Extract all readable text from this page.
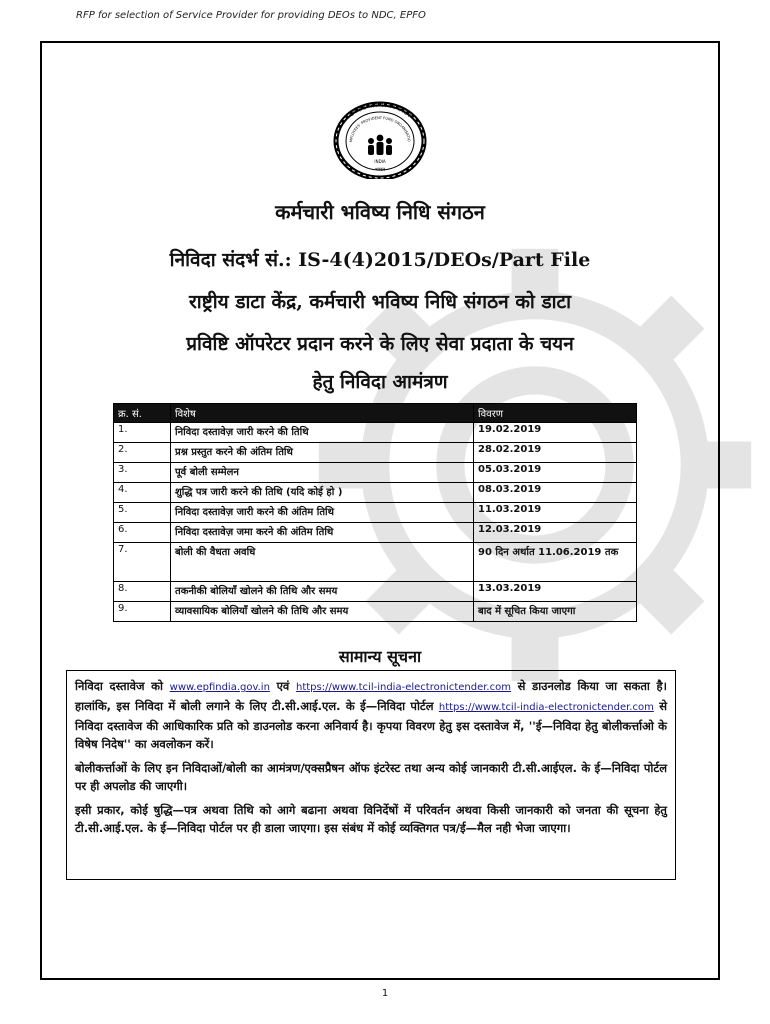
RFP for selection of Service Provider for providing DEOs to NDC, EPFO
कर्मचारी भविष्य निधि संगठन
MPLOYEES' PROVIDENT FUND ORGANISATIO
INDIA
भारत
कर्मचारी भविष्य निधि संगठन
निविदा संदर्भ सं.: IS-4(4)2015/DEOs/Part File
राष्ट्रीय डाटा केंद्र, कर्मचारी भविष्य निधि संगठन को डाटा
प्रविष्टि ऑपरेटर प्रदान करने के लिए सेवा प्रदाता के चयन
हेतु निविदा आमंत्रण
क्र. सं.	विशेष	विवरण
1.	निविदा दस्तावेज़ जारी करने की तिथि	19.02.2019
2.	प्रश्न प्रस्तुत करने की अंतिम तिथि	28.02.2019
3.	पूर्व बोली सम्मेलन	05.03.2019
4.	शुद्धि पत्र जारी करने की तिथि (यदि कोई हो )	08.03.2019
5.	निविदा दस्तावेज़ जारी करने की अंतिम तिथि	11.03.2019
6.	निविदा दस्तावेज़ जमा करने की अंतिम तिथि	12.03.2019
7.	बोली की वैधता अवधि	90 दिन अर्थात 11.06.2019 तक
8.	तकनीकी बोलियाँ खोलने की तिथि और समय	13.03.2019
9.	व्यावसायिक बोलियाँ खोलने की तिथि और समय	बाद में सूचित किया जाएगा
सामान्य सूचना

निविदा दस्तावेज को www.epfindia.gov.in एवं https://www.tcil-india-electronictender.com से डाउनलोड किया जा सकता है। हालांकि, इस निविदा में बोली लगाने के लिए टी.सी.आई.एल. के ई—निविदा पोर्टल https://www.tcil-india-electronictender.com से निविदा दस्तावेज की आधिकारिक प्रति को डाउनलोड करना अनिवार्य है। कृपया विवरण हेतु इस दस्तावेज में, ''ई—निविदा हेतु बोलीकर्त्ताओ के विषेष निदेष'' का अवलोकन करें।

बोलीकर्त्ताओं के लिए इन निविदाओं/बोली का आमंत्रण/एक्सप्रैषन ऑफ इंटरेस्ट तथा अन्य कोई जानकारी टी.सी.आईएल. के ई—निविदा पोर्टल पर ही अपलोड की जाएगी।

इसी प्रकार, कोई षुद्धि—पत्र अथवा तिथि को आगे बढाना अथवा विनिर्देषों में परिवर्तन अथवा किसी जानकारी को जनता की सूचना हेतु टी.सी.आई.एल. के ई—निविदा पोर्टल पर ही डाला जाएगा। इस संबंध में कोई व्यक्तिगत पत्र/ई—मैल नही भेजा जाएगा।

1
